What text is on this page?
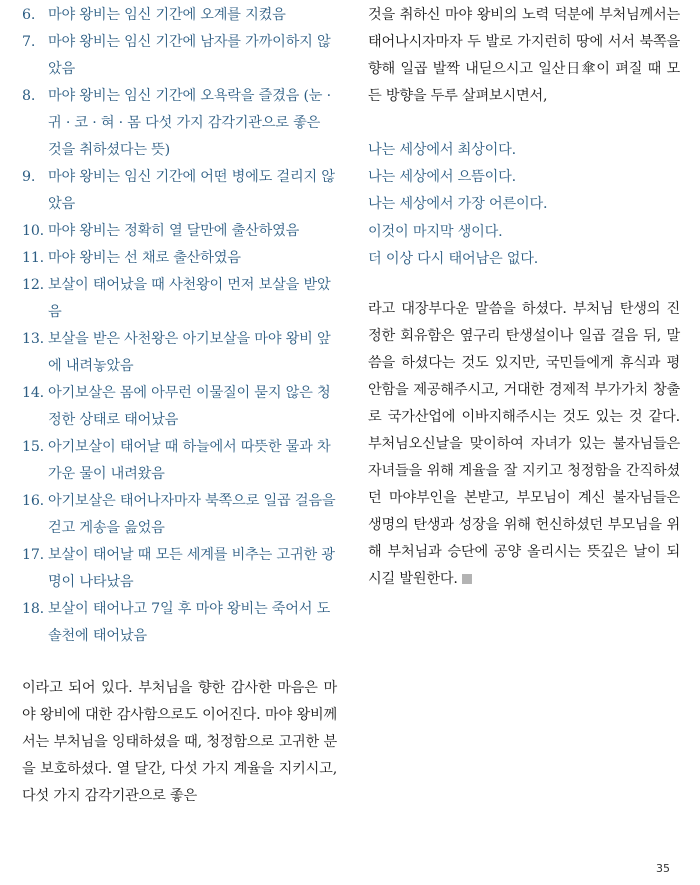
6. 마야 왕비는 임신 기간에 오계를 지켰음
7. 마야 왕비는 임신 기간에 남자를 가까이하지 않았음
8. 마야 왕비는 임신 기간에 오욕락을 즐겼음 (눈 · 귀 · 코 · 혀 · 몸 다섯 가지 감각기관으로 좋은 것을 취하셨다는 뜻)
9. 마야 왕비는 임신 기간에 어떤 병에도 걸리지 않았음
10. 마야 왕비는 정확히 열 달만에 출산하였음
11. 마야 왕비는 선 채로 출산하였음
12. 보살이 태어났을 때 사천왕이 먼저 보살을 받았음
13. 보살을 받은 사천왕은 아기보살을 마야 왕비 앞에 내려놓았음
14. 아기보살은 몸에 아무런 이물질이 묻지 않은 청정한 상태로 태어났음
15. 아기보살이 태어날 때 하늘에서 따뜻한 물과 차가운 물이 내려왔음
16. 아기보살은 태어나자마자 북쪽으로 일곱 걸음을 걷고 게송을 읊었음
17. 보살이 태어날 때 모든 세계를 비추는 고귀한 광명이 나타났음
18. 보살이 태어나고 7일 후 마야 왕비는 죽어서 도솔천에 태어났음

이라고 되어 있다. 부처님을 향한 감사한 마음은 마야 왕비에 대한 감사함으로도 이어진다. 마야 왕비께서는 부처님을 잉태하셨을 때, 청정함으로 고귀한 분을 보호하셨다. 열 달간, 다섯 가지 계율을 지키시고, 다섯 가지 감각기관으로 좋은

것을 취하신 마야 왕비의 노력 덕분에 부처님께서는 태어나시자마자 두 발로 가지런히 땅에 서서 북쪽을 향해 일곱 발짝 내딛으시고 일산日傘이 펴질 때 모든 방향을 두루 살펴보시면서,

나는 세상에서 최상이다.
나는 세상에서 으뜸이다.
나는 세상에서 가장 어른이다.
이것이 마지막 생이다.
더 이상 다시 태어남은 없다.

라고 대장부다운 말씀을 하셨다. 부처님 탄생의 진정한 회유함은 옆구리 탄생설이나 일곱 걸음 뒤, 말씀을 하셨다는 것도 있지만, 국민들에게 휴식과 평안함을 제공해주시고, 거대한 경제적 부가가치 창출로 국가산업에 이바지해주시는 것도 있는 것 같다. 부처님오신날을 맞이하여 자녀가 있는 불자님들은 자녀들을 위해 계율을 잘 지키고 청정함을 간직하셨던 마야부인을 본받고, 부모님이 계신 불자님들은 생명의 탄생과 성장을 위해 헌신하셨던 부모님을 위해 부처님과 승단에 공양 올리시는 뜻깊은 날이 되시길 발원한다.

35
